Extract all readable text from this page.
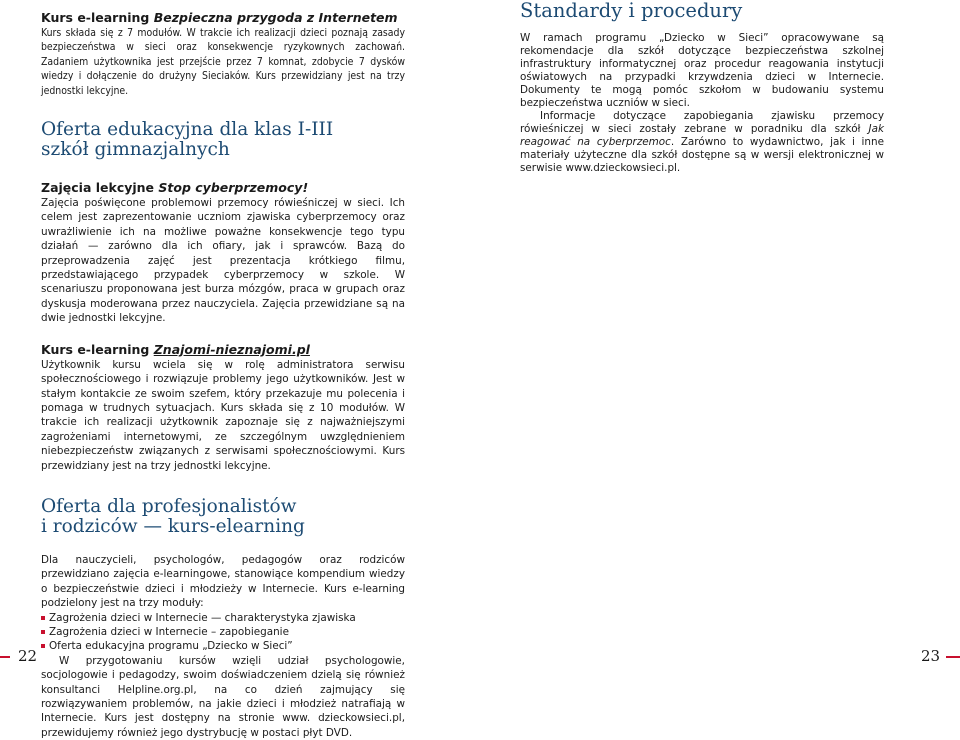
Kurs e-learning Bezpieczna przygoda z Internetem

Kurs składa się z 7 modułów. W trakcie ich realizacji dzieci poznają zasady bezpieczeństwa w sieci oraz konsekwencje ryzykownych zachowań. Zadaniem użytkownika jest przejście przez 7 komnat, zdobycie 7 dysków wiedzy i dołączenie do drużyny Sieciaków. Kurs przewidziany jest na trzy jednostki lekcyjne.

Oferta edukacyjna dla klas I-III

szkół gimnazjalnych

Zajęcia lekcyjne Stop cyberprzemocy!

Zajęcia poświęcone problemowi przemocy rówieśniczej w sieci. Ich celem jest zaprezentowanie uczniom zjawiska cyberprzemocy oraz uwrażliwienie ich na możliwe poważne konsekwencje tego typu działań — zarówno dla ich ofiary, jak i sprawców. Bazą do przeprowadzenia zajęć jest prezentacja krótkiego filmu, przedstawiającego przypadek cyberprzemocy w szkole. W scenariuszu proponowana jest burza mózgów, praca w grupach oraz dyskusja moderowana przez nauczyciela. Zajęcia przewidziane są na dwie jednostki lekcyjne.

Kurs e-learning Znajomi-nieznajomi.pl

Użytkownik kursu wciela się w rolę administratora serwisu społecznościowego i rozwiązuje problemy jego użytkowników. Jest w stałym kontakcie ze swoim szefem, który przekazuje mu polecenia i pomaga w trudnych sytuacjach. Kurs składa się z 10 modułów. W trakcie ich realizacji użytkownik zapoznaje się z najważniejszymi zagrożeniami internetowymi, ze szczególnym uwzględnieniem niebezpieczeństw związanych z serwisami społecznościowymi. Kurs przewidziany jest na trzy jednostki lekcyjne.

Oferta dla profesjonalistów

i rodziców — kurs-elearning

Dla nauczycieli, psychologów, pedagogów oraz rodziców przewidziano zajęcia e-learningowe, stanowiące kompendium wiedzy o bezpieczeństwie dzieci i młodzieży w Internecie. Kurs e-learning podzielony jest na trzy moduły:

Zagrożenia dzieci w Internecie — charakterystyka zjawiska
Zagrożenia dzieci w Internecie – zapobieganie
Oferta edukacyjna programu „Dziecko w Sieci”

W przygotowaniu kursów wzięli udział psychologowie, socjologowie i pedagodzy, swoim doświadczeniem dzielą się również konsultanci Helpline.org.pl, na co dzień zajmujący się rozwiązywaniem problemów, na jakie dzieci i młodzież natrafiają w Internecie. Kurs jest dostępny na stronie www. dzieckowsieci.pl, przewidujemy również jego dystrybucję w postaci płyt DVD.

Standardy i procedury

W ramach programu „Dziecko w Sieci” opracowywane są rekomendacje dla szkół dotyczące bezpieczeństwa szkolnej infrastruktury informatycznej oraz procedur reagowania instytucji oświatowych na przypadki krzywdzenia dzieci w Internecie. Dokumenty te mogą pomóc szkołom w budowaniu systemu bezpieczeństwa uczniów w sieci.

Informacje dotyczące zapobiegania zjawisku przemocy rówieśniczej w sieci zostały zebrane w poradniku dla szkół Jak reagować na cyberprzemoc. Zarówno to wydawnictwo, jak i inne materiały użyteczne dla szkół dostępne są w wersji elektronicznej w serwisie www.dzieckowsieci.pl.

22	23
